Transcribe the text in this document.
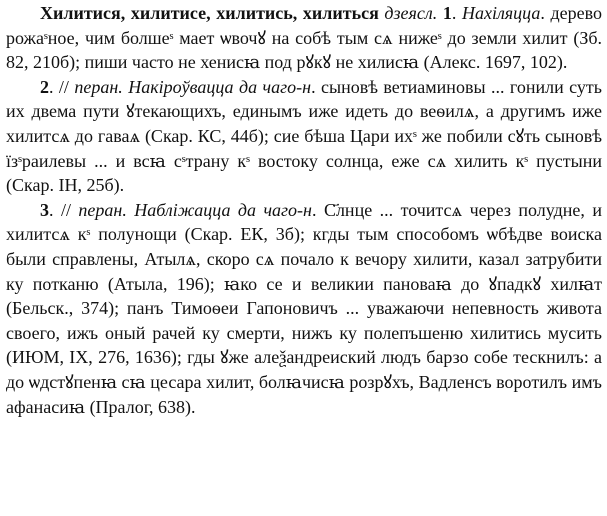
Хилитися, хилитисе, хилитись, хилиться дзеясл. 1. Нахіляцца. дерево рожаˢное, чим болшеˢ мает ѡвочꙋ на собѣ тым сѧ нижеˢ до земли хилит (Зб. 82, 210б); пиши часто не хенисꙗ под рꙋкꙋ не хилисꙗ (Алекс. 1697, 102).

2. // перан. Накіроўвацца да чаго-н. сыновѣ ветиаминовы ... гонили суть их двема пути ꙋтекающихъ, единымъ иже идеть до веѳилѧ, а другимъ иже хилитсѧ до гаваѧ (Скар. КС, 44б); сие бѣша Цари ихˢ же побили сꙋть сыновѣ їзˢраилевы ... и всꙗ сˢтрану кˢ востоку солнца, еже сѧ хилить кˢ пустыни (Скар. ІН, 25б).

3. // перан. Набліжацца да чаго-н. С҃лнце ... точитсѧ через полудне, и хилитсѧ кˢ полунощи (Скар. ЕК, 3б); кгды тым способомъ ѡбѣдве воиска были справлены, Атылѧ, скоро сѧ почало к вечору хилити, казал затрубити ку потканю (Атыла, 196); ꙗко се и великии пановаꙗ до ꙋпадкꙋ хилꙗт (Бельск., 374); панъ Тимоѳеи Гапоновичъ ... уважаючи непевность живота своего, ижъ оный рачей ку смерти, нижъ ку полепъшеню хилитись мусить (ИЮМ, IX, 276, 1636); гды ꙋже алеѯандреиский людъ барзо собе тескнилъ: а до ѡдстꙋпенꙗ сꙗ цесара хилит, болꙗчисꙗ розрꙋхъ, Вадленсъ воротилъ имъ афанасиꙗ (Пралог, 638).
